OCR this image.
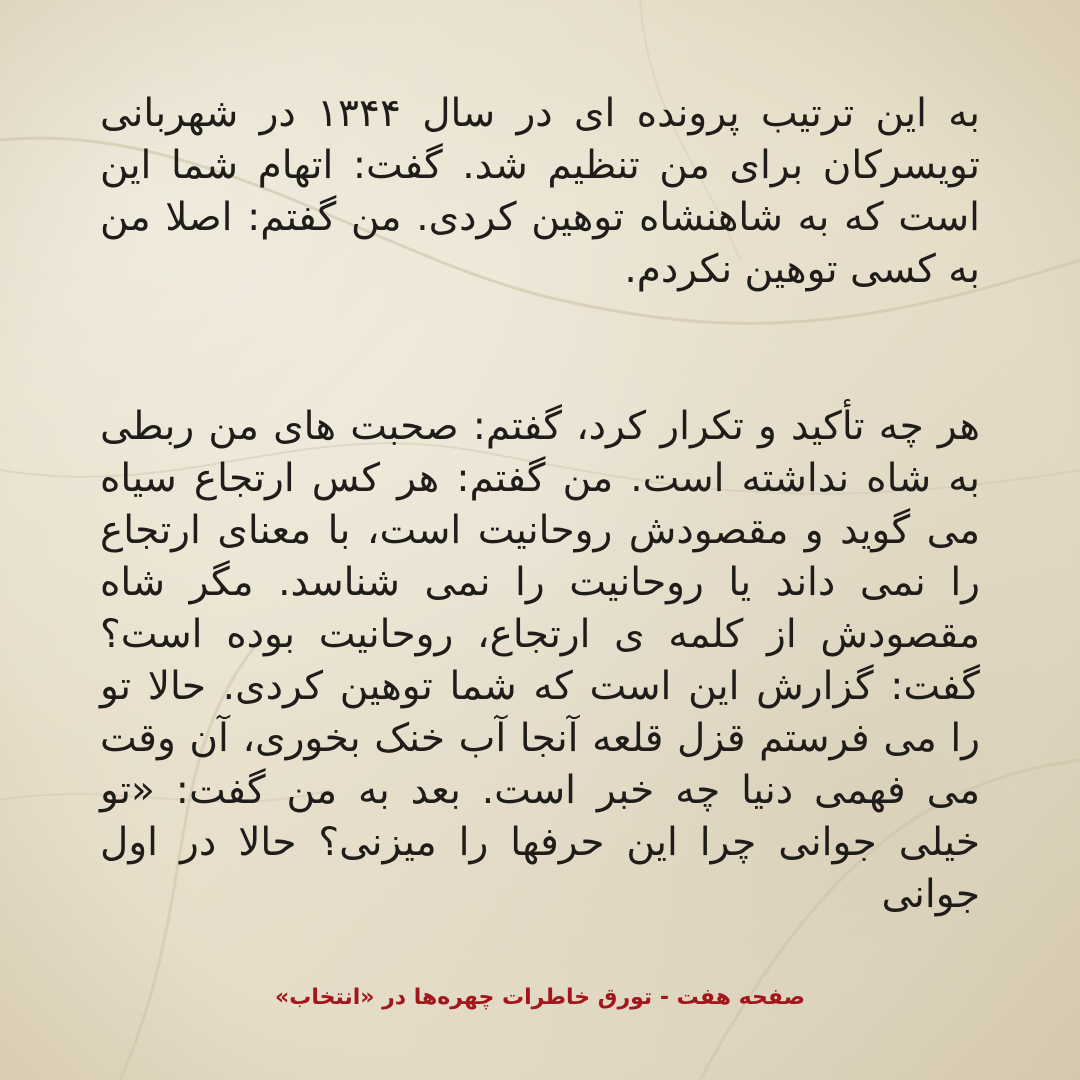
به این ترتیب پرونده ای در سال ۱۳۴۴ در شهربانی تویسرکان برای من تنظیم شد. گفت: اتهام شما این است که به شاهنشاه توهین کردی. من گفتم: اصلا من به کسی توهین نکردم.

هر چه تأکید و تکرار کرد، گفتم: صحبت های من ربطی به شاه نداشته است. من گفتم: هر کس ارتجاع سیاه می گوید و مقصودش روحانیت است، با معنای ارتجاع را نمی داند یا روحانیت را نمی شناسد. مگر شاه مقصودش از کلمه ی ارتجاع، روحانیت بوده است؟ گفت: گزارش این است که شما توهین کردی. حالا تو را می فرستم قزل قلعه آنجا آب خنک بخوری، آن وقت می فهمی دنیا چه خبر است. بعد به من گفت: «تو خیلی جوانی چرا این حرفها را میزنی؟ حالا در اول جوانی

صفحه هفت - تورق خاطرات چهره‌ها در «انتخاب»
